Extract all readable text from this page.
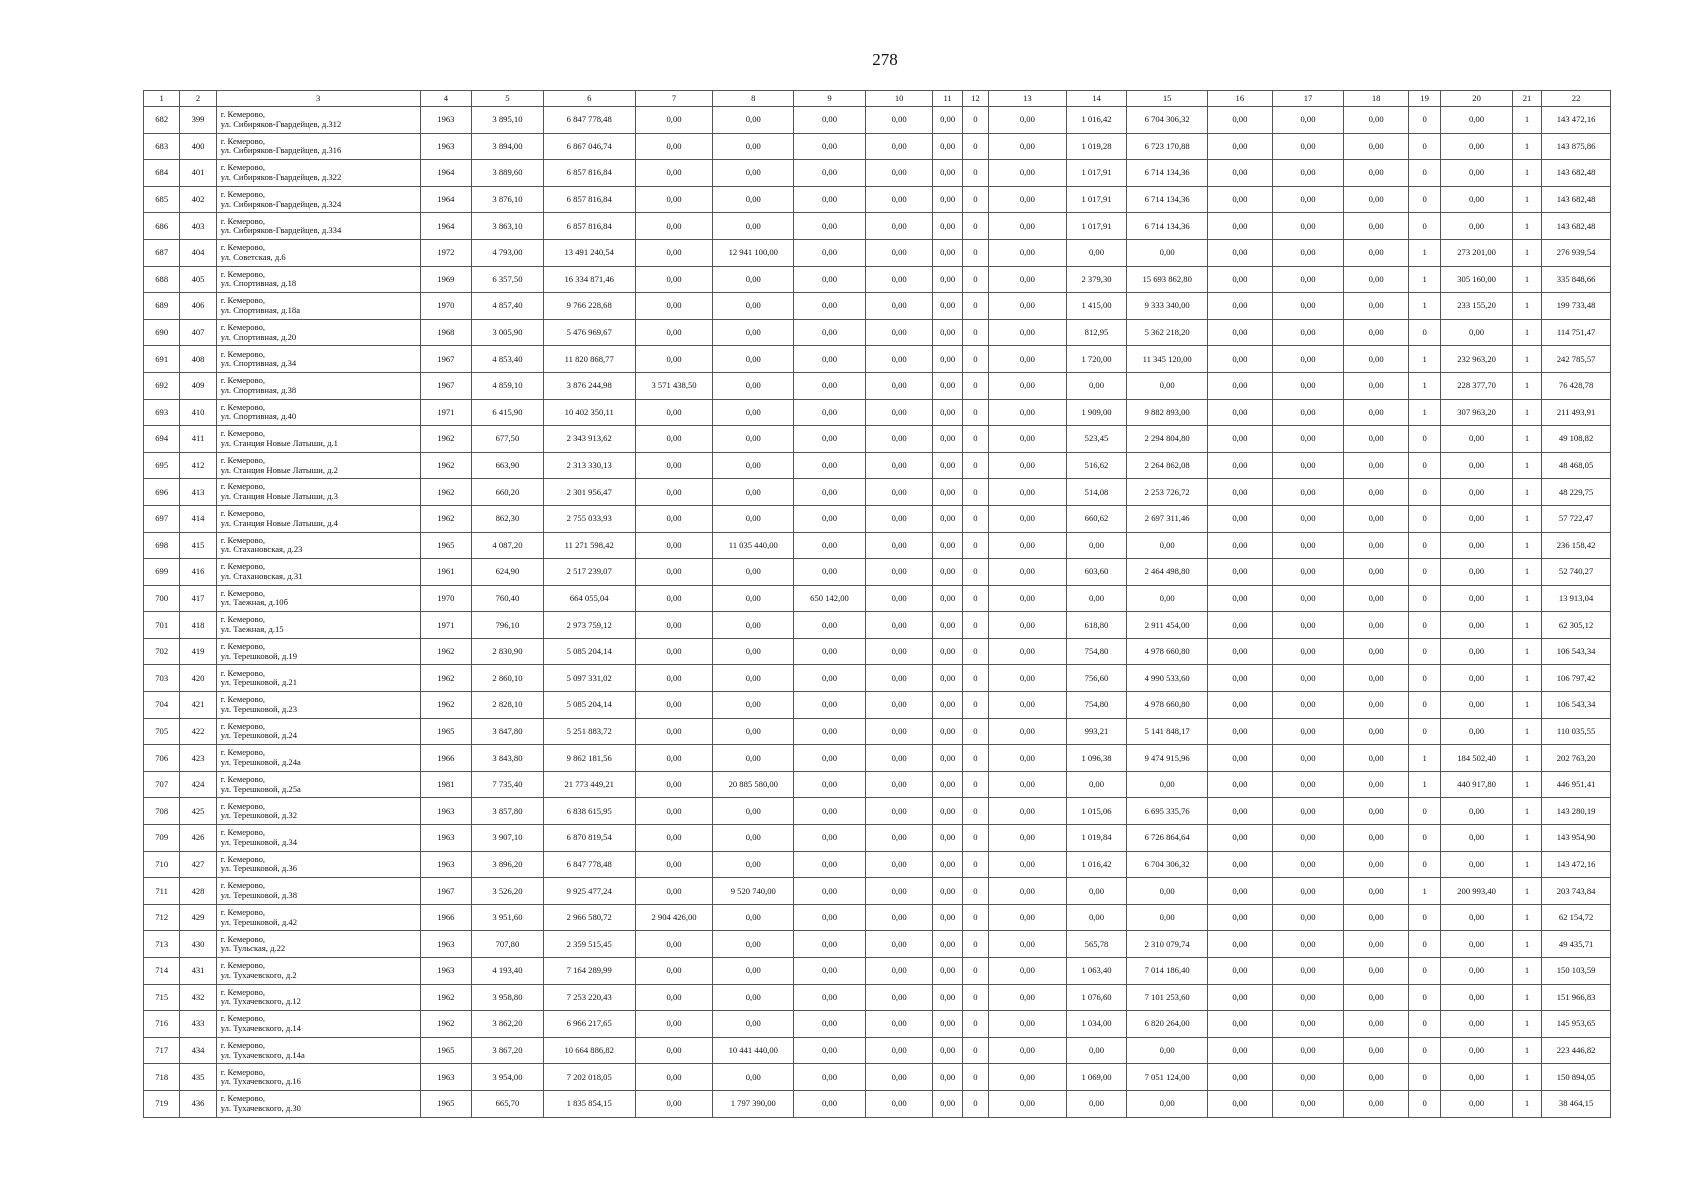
278
1	2	3	4	5	6	7	8	9	10	11	12	13	14	15	16	17	18	19	20	21	22
682	399	г. Кемерово,
ул. Сибиряков-Гвардейцев, д.312	1963	3 895,10	6 847 778,48	0,00	0,00	0,00	0,00	0,00	0	0,00	1 016,42	6 704 306,32	0,00	0,00	0,00	0	0,00	1	143 472,16
683	400	г. Кемерово,
ул. Сибиряков-Гвардейцев, д.316	1963	3 894,00	6 867 046,74	0,00	0,00	0,00	0,00	0,00	0	0,00	1 019,28	6 723 170,88	0,00	0,00	0,00	0	0,00	1	143 875,86
684	401	г. Кемерово,
ул. Сибиряков-Гвардейцев, д.322	1964	3 889,60	6 857 816,84	0,00	0,00	0,00	0,00	0,00	0	0,00	1 017,91	6 714 134,36	0,00	0,00	0,00	0	0,00	1	143 682,48
685	402	г. Кемерово,
ул. Сибиряков-Гвардейцев, д.324	1964	3 876,10	6 857 816,84	0,00	0,00	0,00	0,00	0,00	0	0,00	1 017,91	6 714 134,36	0,00	0,00	0,00	0	0,00	1	143 682,48
686	403	г. Кемерово,
ул. Сибиряков-Гвардейцев, д.334	1964	3 863,10	6 857 816,84	0,00	0,00	0,00	0,00	0,00	0	0,00	1 017,91	6 714 134,36	0,00	0,00	0,00	0	0,00	1	143 682,48
687	404	г. Кемерово,
ул. Советская, д.6	1972	4 793,00	13 491 240,54	0,00	12 941 100,00	0,00	0,00	0,00	0	0,00	0,00	0,00	0,00	0,00	0,00	1	273 201,00	1	276 939,54
688	405	г. Кемерово,
ул. Спортивная, д.18	1969	6 357,50	16 334 871,46	0,00	0,00	0,00	0,00	0,00	0	0,00	2 379,30	15 693 862,80	0,00	0,00	0,00	1	305 160,00	1	335 848,66
689	406	г. Кемерово,
ул. Спортивная, д.18а	1970	4 857,40	9 766 228,68	0,00	0,00	0,00	0,00	0,00	0	0,00	1 415,00	9 333 340,00	0,00	0,00	0,00	1	233 155,20	1	199 733,48
690	407	г. Кемерово,
ул. Спортивная, д.20	1968	3 005,90	5 476 969,67	0,00	0,00	0,00	0,00	0,00	0	0,00	812,95	5 362 218,20	0,00	0,00	0,00	0	0,00	1	114 751,47
691	408	г. Кемерово,
ул. Спортивная, д.34	1967	4 853,40	11 820 868,77	0,00	0,00	0,00	0,00	0,00	0	0,00	1 720,00	11 345 120,00	0,00	0,00	0,00	1	232 963,20	1	242 785,57
692	409	г. Кемерово,
ул. Спортивная, д.38	1967	4 859,10	3 876 244,98	3 571 438,50	0,00	0,00	0,00	0,00	0	0,00	0,00	0,00	0,00	0,00	0,00	1	228 377,70	1	76 428,78
693	410	г. Кемерово,
ул. Спортивная, д.40	1971	6 415,90	10 402 350,11	0,00	0,00	0,00	0,00	0,00	0	0,00	1 909,00	9 882 893,00	0,00	0,00	0,00	1	307 963,20	1	211 493,91
694	411	г. Кемерово,
ул. Станция Новые Латыши, д.1	1962	677,50	2 343 913,62	0,00	0,00	0,00	0,00	0,00	0	0,00	523,45	2 294 804,80	0,00	0,00	0,00	0	0,00	1	49 108,82
695	412	г. Кемерово,
ул. Станция Новые Латыши, д.2	1962	663,90	2 313 330,13	0,00	0,00	0,00	0,00	0,00	0	0,00	516,62	2 264 862,08	0,00	0,00	0,00	0	0,00	1	48 468,05
696	413	г. Кемерово,
ул. Станция Новые Латыши, д.3	1962	660,20	2 301 956,47	0,00	0,00	0,00	0,00	0,00	0	0,00	514,08	2 253 726,72	0,00	0,00	0,00	0	0,00	1	48 229,75
697	414	г. Кемерово,
ул. Станция Новые Латыши, д.4	1962	862,30	2 755 033,93	0,00	0,00	0,00	0,00	0,00	0	0,00	660,62	2 697 311,46	0,00	0,00	0,00	0	0,00	1	57 722,47
698	415	г. Кемерово,
ул. Стахановская, д.23	1965	4 087,20	11 271 598,42	0,00	11 035 440,00	0,00	0,00	0,00	0	0,00	0,00	0,00	0,00	0,00	0,00	0	0,00	1	236 158,42
699	416	г. Кемерово,
ул. Стахановская, д.31	1961	624,90	2 517 239,07	0,00	0,00	0,00	0,00	0,00	0	0,00	603,60	2 464 498,80	0,00	0,00	0,00	0	0,00	1	52 740,27
700	417	г. Кемерово,
ул. Таежная, д.10б	1970	760,40	664 055,04	0,00	0,00	650 142,00	0,00	0,00	0	0,00	0,00	0,00	0,00	0,00	0,00	0	0,00	1	13 913,04
701	418	г. Кемерово,
ул. Таежная, д.15	1971	796,10	2 973 759,12	0,00	0,00	0,00	0,00	0,00	0	0,00	618,80	2 911 454,00	0,00	0,00	0,00	0	0,00	1	62 305,12
702	419	г. Кемерово,
ул. Терешковой, д.19	1962	2 830,90	5 085 204,14	0,00	0,00	0,00	0,00	0,00	0	0,00	754,80	4 978 660,80	0,00	0,00	0,00	0	0,00	1	106 543,34
703	420	г. Кемерово,
ул. Терешковой, д.21	1962	2 860,10	5 097 331,02	0,00	0,00	0,00	0,00	0,00	0	0,00	756,60	4 990 533,60	0,00	0,00	0,00	0	0,00	1	106 797,42
704	421	г. Кемерово,
ул. Терешковой, д.23	1962	2 828,10	5 085 204,14	0,00	0,00	0,00	0,00	0,00	0	0,00	754,80	4 978 660,80	0,00	0,00	0,00	0	0,00	1	106 543,34
705	422	г. Кемерово,
ул. Терешковой, д.24	1965	3 847,80	5 251 883,72	0,00	0,00	0,00	0,00	0,00	0	0,00	993,21	5 141 848,17	0,00	0,00	0,00	0	0,00	1	110 035,55
706	423	г. Кемерово,
ул. Терешковой, д.24а	1966	3 843,80	9 862 181,56	0,00	0,00	0,00	0,00	0,00	0	0,00	1 096,38	9 474 915,96	0,00	0,00	0,00	1	184 502,40	1	202 763,20
707	424	г. Кемерово,
ул. Терешковой, д.25а	1981	7 735,40	21 773 449,21	0,00	20 885 580,00	0,00	0,00	0,00	0	0,00	0,00	0,00	0,00	0,00	0,00	1	440 917,80	1	446 951,41
708	425	г. Кемерово,
ул. Терешковой, д.32	1963	3 857,80	6 838 615,95	0,00	0,00	0,00	0,00	0,00	0	0,00	1 015,06	6 695 335,76	0,00	0,00	0,00	0	0,00	1	143 280,19
709	426	г. Кемерово,
ул. Терешковой, д.34	1963	3 907,10	6 870 819,54	0,00	0,00	0,00	0,00	0,00	0	0,00	1 019,84	6 726 864,64	0,00	0,00	0,00	0	0,00	1	143 954,90
710	427	г. Кемерово,
ул. Терешковой, д.36	1963	3 896,20	6 847 778,48	0,00	0,00	0,00	0,00	0,00	0	0,00	1 016,42	6 704 306,32	0,00	0,00	0,00	0	0,00	1	143 472,16
711	428	г. Кемерово,
ул. Терешковой, д.38	1967	3 526,20	9 925 477,24	0,00	9 520 740,00	0,00	0,00	0,00	0	0,00	0,00	0,00	0,00	0,00	0,00	1	200 993,40	1	203 743,84
712	429	г. Кемерово,
ул. Терешковой, д.42	1966	3 951,60	2 966 580,72	2 904 426,00	0,00	0,00	0,00	0,00	0	0,00	0,00	0,00	0,00	0,00	0,00	0	0,00	1	62 154,72
713	430	г. Кемерово,
ул. Тульская, д.22	1963	707,80	2 359 515,45	0,00	0,00	0,00	0,00	0,00	0	0,00	565,78	2 310 079,74	0,00	0,00	0,00	0	0,00	1	49 435,71
714	431	г. Кемерово,
ул. Тухачевского, д.2	1963	4 193,40	7 164 289,99	0,00	0,00	0,00	0,00	0,00	0	0,00	1 063,40	7 014 186,40	0,00	0,00	0,00	0	0,00	1	150 103,59
715	432	г. Кемерово,
ул. Тухачевского, д.12	1962	3 958,80	7 253 220,43	0,00	0,00	0,00	0,00	0,00	0	0,00	1 076,60	7 101 253,60	0,00	0,00	0,00	0	0,00	1	151 966,83
716	433	г. Кемерово,
ул. Тухачевского, д.14	1962	3 862,20	6 966 217,65	0,00	0,00	0,00	0,00	0,00	0	0,00	1 034,00	6 820 264,00	0,00	0,00	0,00	0	0,00	1	145 953,65
717	434	г. Кемерово,
ул. Тухачевского, д.14а	1965	3 867,20	10 664 886,82	0,00	10 441 440,00	0,00	0,00	0,00	0	0,00	0,00	0,00	0,00	0,00	0,00	0	0,00	1	223 446,82
718	435	г. Кемерово,
ул. Тухачевского, д.16	1963	3 954,00	7 202 018,05	0,00	0,00	0,00	0,00	0,00	0	0,00	1 069,00	7 051 124,00	0,00	0,00	0,00	0	0,00	1	150 894,05
719	436	г. Кемерово,
ул. Тухачевского, д.30	1965	665,70	1 835 854,15	0,00	1 797 390,00	0,00	0,00	0,00	0	0,00	0,00	0,00	0,00	0,00	0,00	0	0,00	1	38 464,15
